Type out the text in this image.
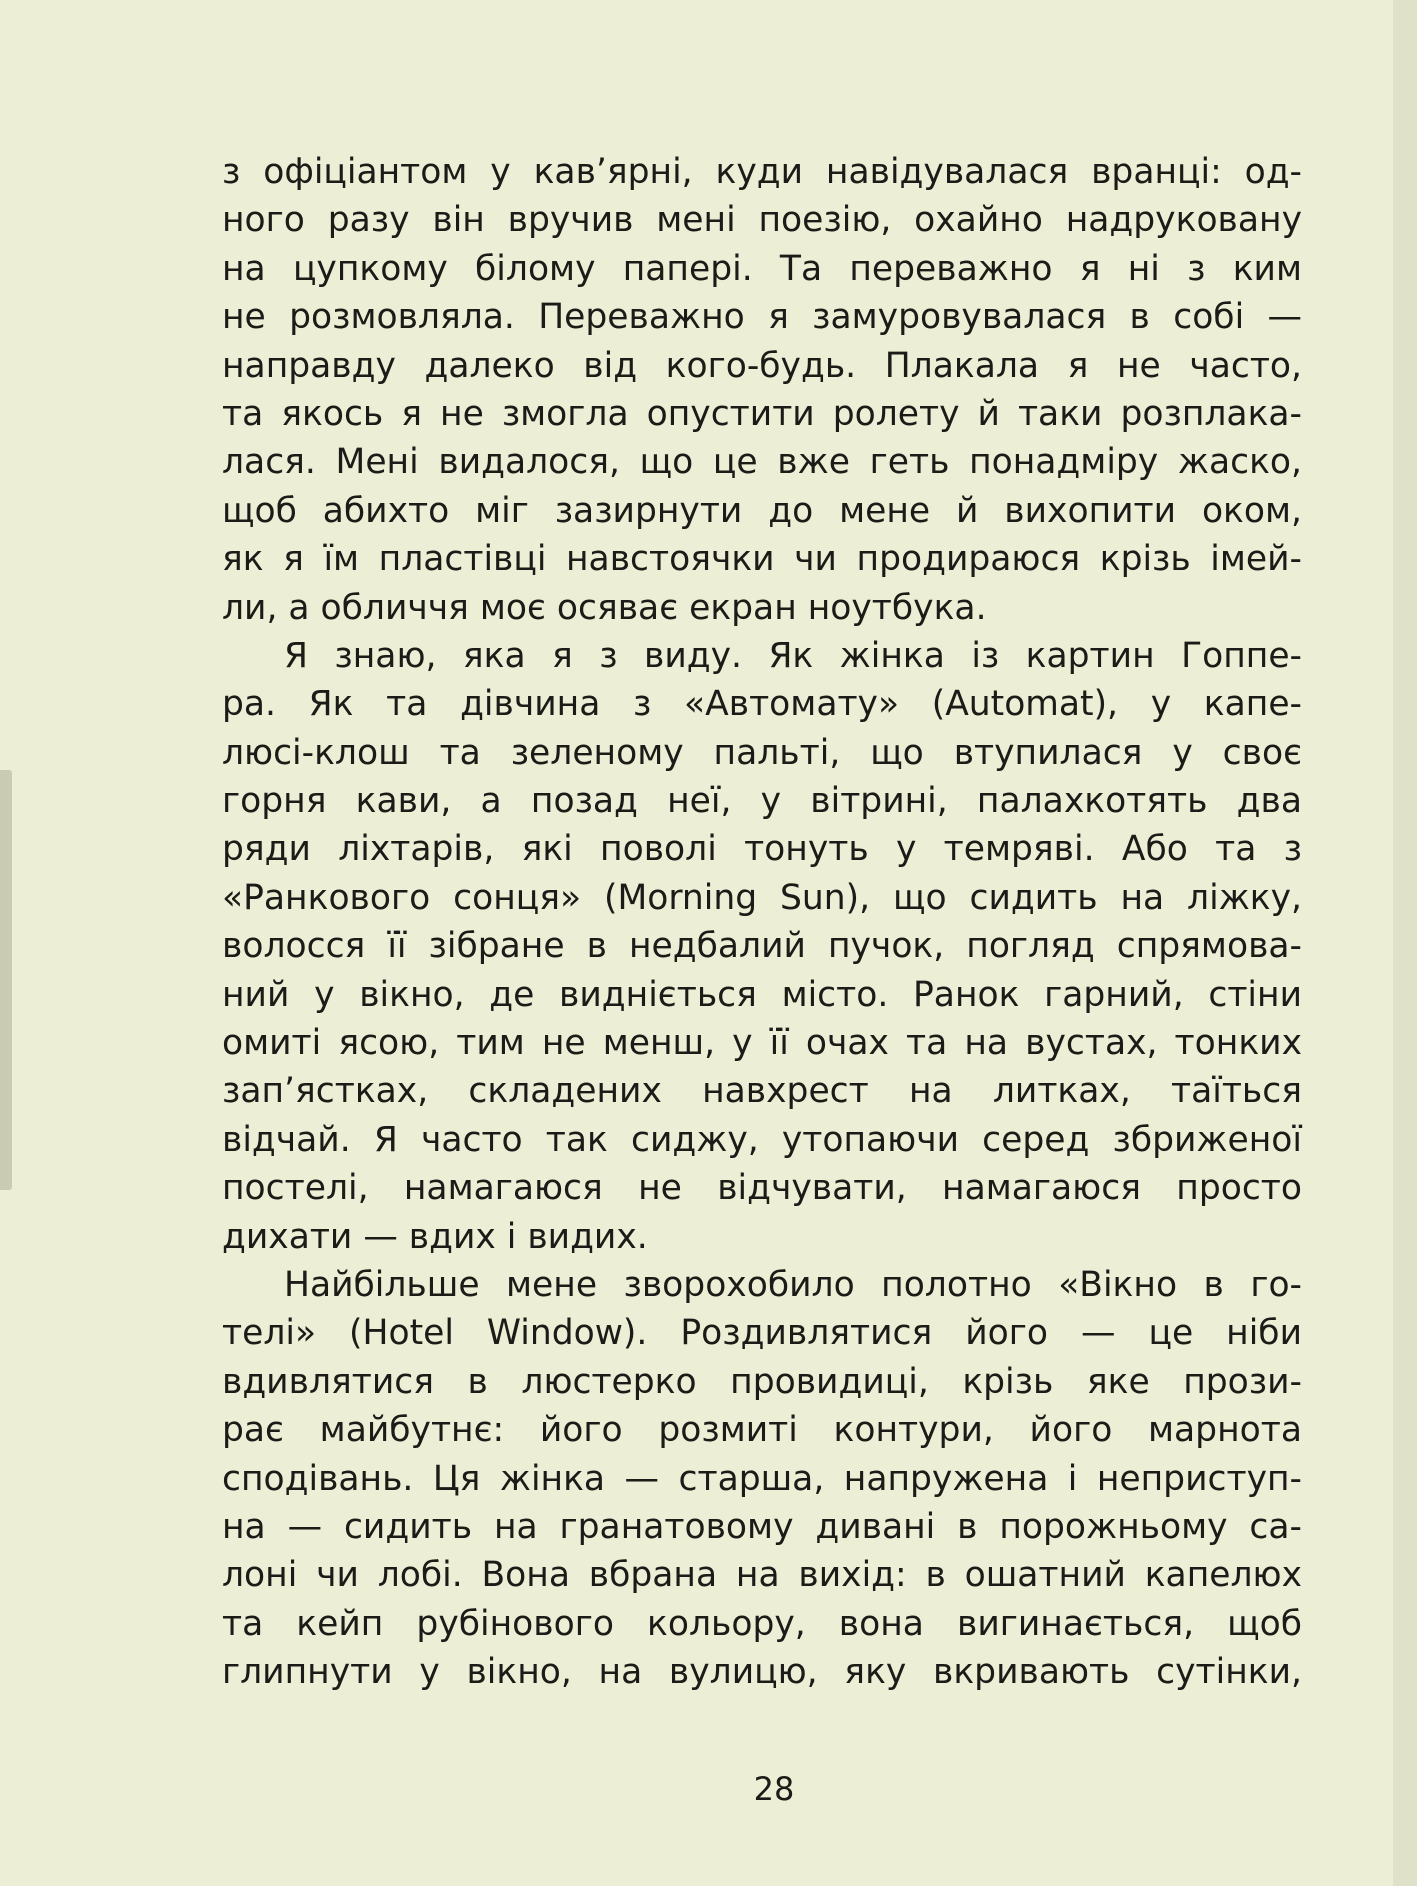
з офіціантом у кав’ярні, куди навідувалася вранці: од-
ного разу він вручив мені поезію, охайно надруковану
на цупкому білому папері. Та переважно я ні з ким
не розмовляла. Переважно я замуровувалася в собі —
направду далеко від кого-будь. Плакала я не часто,
та якось я не змогла опустити ролету й таки розплака-
лася. Мені видалося, що це вже геть понадміру жаско,
щоб абихто міг зазирнути до мене й вихопити оком,
як я їм пластівці навстоячки чи продираюся крізь імей-
ли, а обличчя моє осяває екран ноутбука.
Я знаю, яка я з виду. Як жінка із картин Гоппе-
ра. Як та дівчина з «Автомату» (Automat), у капе-
люсі-клош та зеленому пальті, що втупилася у своє
горня кави, а позад неї, у вітрині, палахкотять два
ряди ліхтарів, які поволі тонуть у темряві. Або та з
«Ранкового сонця» (Morning Sun), що сидить на ліжку,
волосся її зібране в недбалий пучок, погляд спрямова-
ний у вікно, де видніється місто. Ранок гарний, стіни
омиті ясою, тим не менш, у її очах та на вустах, тонких
зап’ястках, складених навхрест на литках, таїться
відчай. Я часто так сиджу, утопаючи серед збриженої
постелі, намагаюся не відчувати, намагаюся просто
дихати — вдих і видих.
Найбільше мене зворохобило полотно «Вікно в го-
телі» (Hotel Window). Роздивлятися його — це ніби
вдивлятися в люстерко провидиці, крізь яке прози-
рає майбутнє: його розмиті контури, його марнота
сподівань. Ця жінка — старша, напружена і неприступ-
на — сидить на гранатовому дивані в порожньому са-
лоні чи лобі. Вона вбрана на вихід: в ошатний капелюх
та кейп рубінового кольору, вона вигинається, щоб
глипнути у вікно, на вулицю, яку вкривають сутінки,
28
